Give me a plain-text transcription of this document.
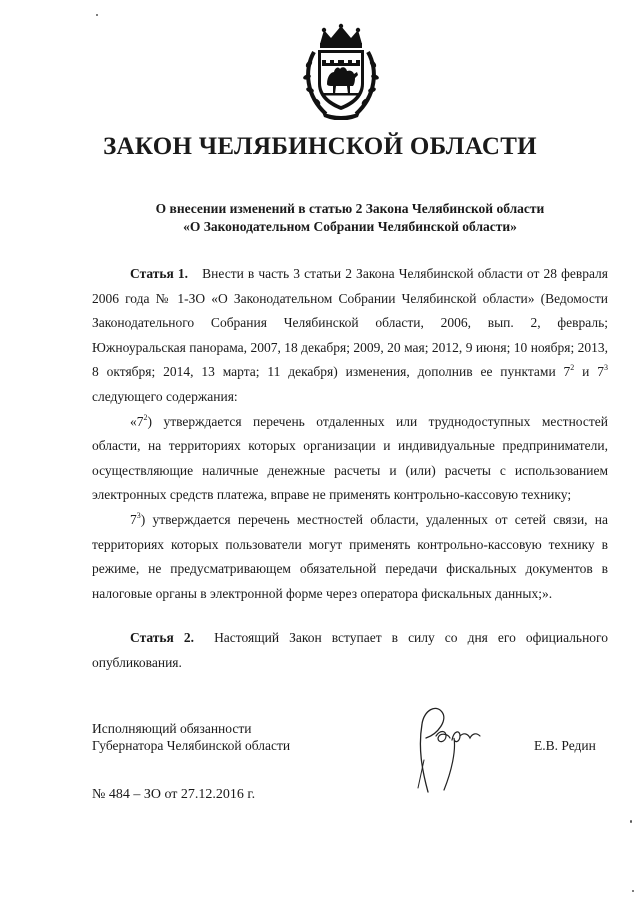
ЗАКОН ЧЕЛЯБИНСКОЙ ОБЛАСТИ
О внесении изменений в статью 2 Закона Челябинской области
«О Законодательном Собрании Челябинской области»

Статья 1. Внести в часть 3 статьи 2 Закона Челябинской области от 28 февраля 2006 года № 1-ЗО «О Законодательном Собрании Челябинской области» (Ведомости Законодательного Собрания Челябинской области, 2006, вып. 2, февраль; Южноуральская панорама, 2007, 18 декабря; 2009, 20 мая; 2012, 9 июня; 10 ноября; 2013, 8 октября; 2014, 13 марта; 11 декабря) изменения, дополнив ее пунктами $7^2$ и $7^3$ следующего содержания:

«$7^2$) утверждается перечень отдаленных или труднодоступных местностей области, на территориях которых организации и индивидуальные предприниматели, осуществляющие наличные денежные расчеты и (или) расчеты с использованием электронных средств платежа, вправе не применять контрольно-кассовую технику;

$7^3$) утверждается перечень местностей области, удаленных от сетей связи, на территориях которых пользователи могут применять контрольно-кассовую технику в режиме, не предусматривающем обязательной передачи фискальных документов в налоговые органы в электронной форме через оператора фискальных данных;».

Статья 2. Настоящий Закон вступает в силу со дня его официального опубликования.

Исполняющий обязанности
Губернатора Челябинской области	Е.В. Редин
№ 484 – ЗО от 27.12.2016 г.
